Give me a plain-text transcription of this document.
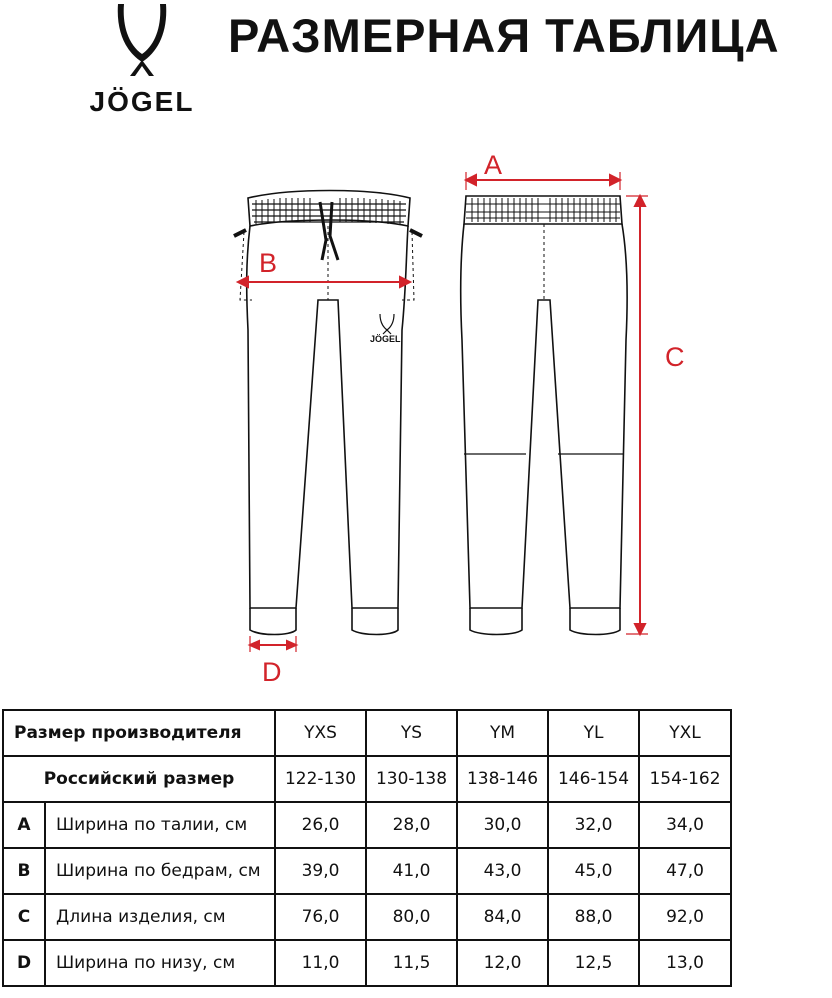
JÖGEL
РАЗМЕРНАЯ ТАБЛИЦА
JÖGEL
A
B
C
D
Размер производителя		YXS	YS	YM	YL	YXL
Российский размер		122-130	130-138	138-146	146-154	154-162
A	Ширина по талии, см	26,0	28,0	30,0	32,0	34,0
B	Ширина по бедрам, см	39,0	41,0	43,0	45,0	47,0
C	Длина изделия, см	76,0	80,0	84,0	88,0	92,0
D	Ширина по низу, см	11,0	11,5	12,0	12,5	13,0
